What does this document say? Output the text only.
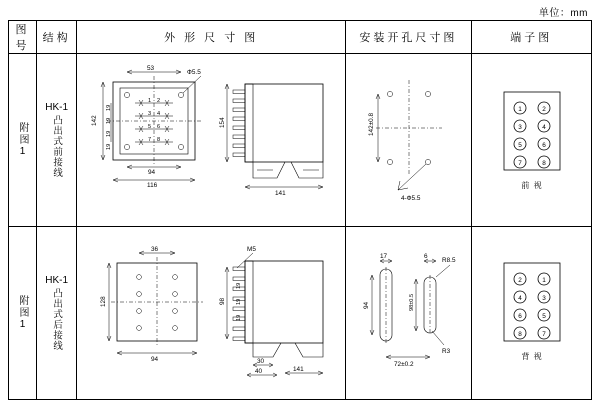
单位：mm
图号	结构	外 形 尺 寸 图	安装开孔尺寸图	端子图

附图1

HK-1
凸出式前接线

1 2
3 4
5 6
7 8
53
Ф5.5
142
19
19
19
19
94
116
154
141

142±0.8
4-Ф5.5

1	2
3	4
5	6
7	8
前 视

附图1

HK-1
凸出式后接线

36
128
94
M5
98
19
19
19
30
40	141

17	6
R8.5
94	98±0.5
72±0.2
R3

2	1
4	3
6	5
8	7
背 视
